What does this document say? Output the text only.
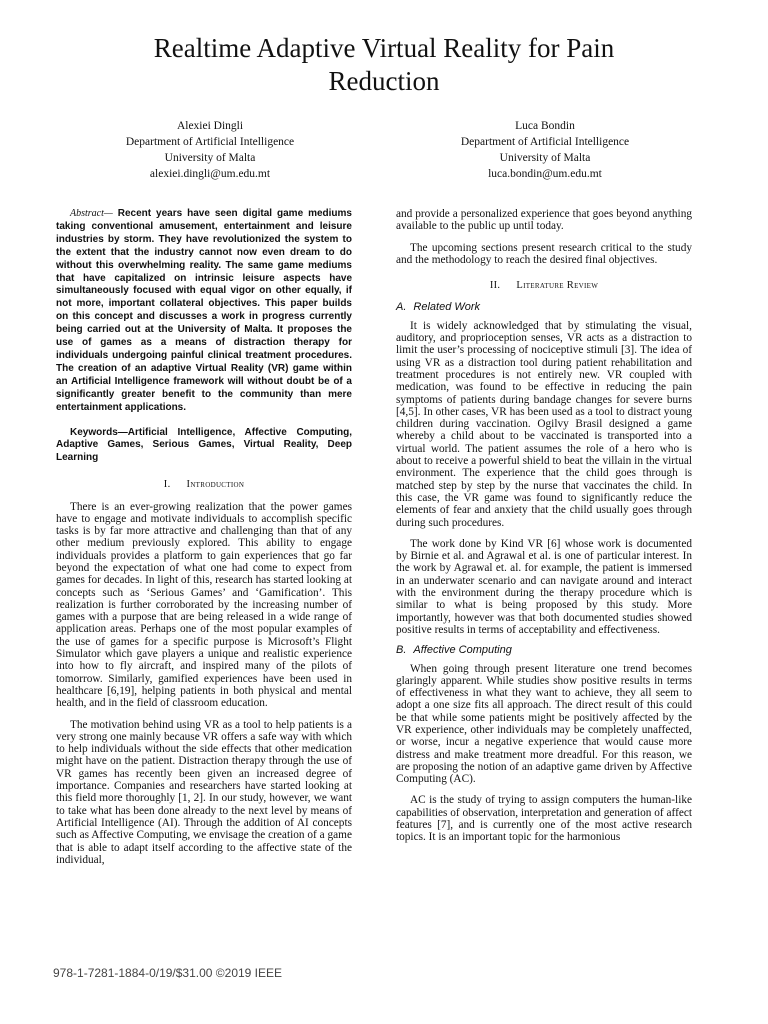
Realtime Adaptive Virtual Reality for Pain
Reduction
Alexiei Dingli
Department of Artificial Intelligence
University of Malta
alexiei.dingli@um.edu.mt
Luca Bondin
Department of Artificial Intelligence
University of Malta
luca.bondin@um.edu.mt

Abstract— Recent years have seen digital game mediums taking conventional amusement, entertainment and leisure industries by storm. They have revolutionized the system to the extent that the industry cannot now even dream to do without this overwhelming reality. The same game mediums that have capitalized on intrinsic leisure aspects have simultaneously focused with equal vigor on other equally, if not more, important collateral objectives. This paper builds on this concept and discusses a work in progress currently being carried out at the University of Malta. It proposes the use of games as a means of distraction therapy for individuals undergoing painful clinical treatment procedures. The creation of an adaptive Virtual Reality (VR) game within an Artificial Intelligence framework will without doubt be of a significantly greater benefit to the community than mere entertainment applications.

Keywords—Artificial Intelligence, Affective Computing, Adaptive Games, Serious Games, Virtual Reality, Deep Learning

I. Introduction

There is an ever-growing realization that the power games have to engage and motivate individuals to accomplish specific tasks is by far more attractive and challenging than that of any other medium previously explored. This ability to engage individuals provides a platform to gain experiences that go far beyond the expectation of what one had come to expect from games for decades. In light of this, research has started looking at concepts such as ‘Serious Games’ and ‘Gamification’. This realization is further corroborated by the increasing number of games with a purpose that are being released in a wide range of application areas. Perhaps one of the most popular examples of the use of games for a specific purpose is Microsoft’s Flight Simulator which gave players a unique and realistic experience into how to fly aircraft, and inspired many of the pilots of tomorrow. Similarly, gamified experiences have been used in healthcare [6,19], helping patients in both physical and mental health, and in the field of classroom education.

The motivation behind using VR as a tool to help patients is a very strong one mainly because VR offers a safe way with which to help individuals without the side effects that other medication might have on the patient. Distraction therapy through the use of VR games has recently been given an increased degree of importance. Companies and researchers have started looking at this field more thoroughly [1, 2]. In our study, however, we want to take what has been done already to the next level by means of Artificial Intelligence (AI). Through the addition of AI concepts such as Affective Computing, we envisage the creation of a game that is able to adapt itself according to the affective state of the individual,

and provide a personalized experience that goes beyond anything available to the public up until today.

The upcoming sections present research critical to the study and the methodology to reach the desired final objectives.

II. Literature Review
A. Related Work

It is widely acknowledged that by stimulating the visual, auditory, and proprioception senses, VR acts as a distraction to limit the user’s processing of nociceptive stimuli [3]. The idea of using VR as a distraction tool during patient rehabilitation and treatment procedures is not entirely new. VR coupled with medication, was found to be effective in reducing the pain symptoms of patients during bandage changes for severe burns [4,5]. In other cases, VR has been used as a tool to distract young children during vaccination. Ogilvy Brasil designed a game whereby a child about to be vaccinated is transported into a virtual world. The patient assumes the role of a hero who is about to receive a powerful shield to beat the villain in the virtual environment. The experience that the child goes through is matched step by step by the nurse that vaccinates the child. In this case, the VR game was found to significantly reduce the elements of fear and anxiety that the child usually goes through during such procedures.

The work done by Kind VR [6] whose work is documented by Birnie et al. and Agrawal et al. is one of particular interest. In the work by Agrawal et. al. for example, the patient is immersed in an underwater scenario and can navigate around and interact with the environment during the therapy procedure which is similar to what is being proposed by this study. More importantly, however was that both documented studies showed positive results in terms of acceptability and effectiveness.

B. Affective Computing

When going through present literature one trend becomes glaringly apparent. While studies show positive results in terms of effectiveness in what they want to achieve, they all seem to adopt a one size fits all approach. The direct result of this could be that while some patients might be positively affected by the VR experience, other individuals may be completely unaffected, or worse, incur a negative experience that would cause more distress and make treatment more dreadful. For this reason, we are proposing the notion of an adaptive game driven by Affective Computing (AC).

AC is the study of trying to assign computers the human-like capabilities of observation, interpretation and generation of affect features [7], and is currently one of the most active research topics. It is an important topic for the harmonious

978-1-7281-1884-0/19/$31.00 ©2019 IEEE
